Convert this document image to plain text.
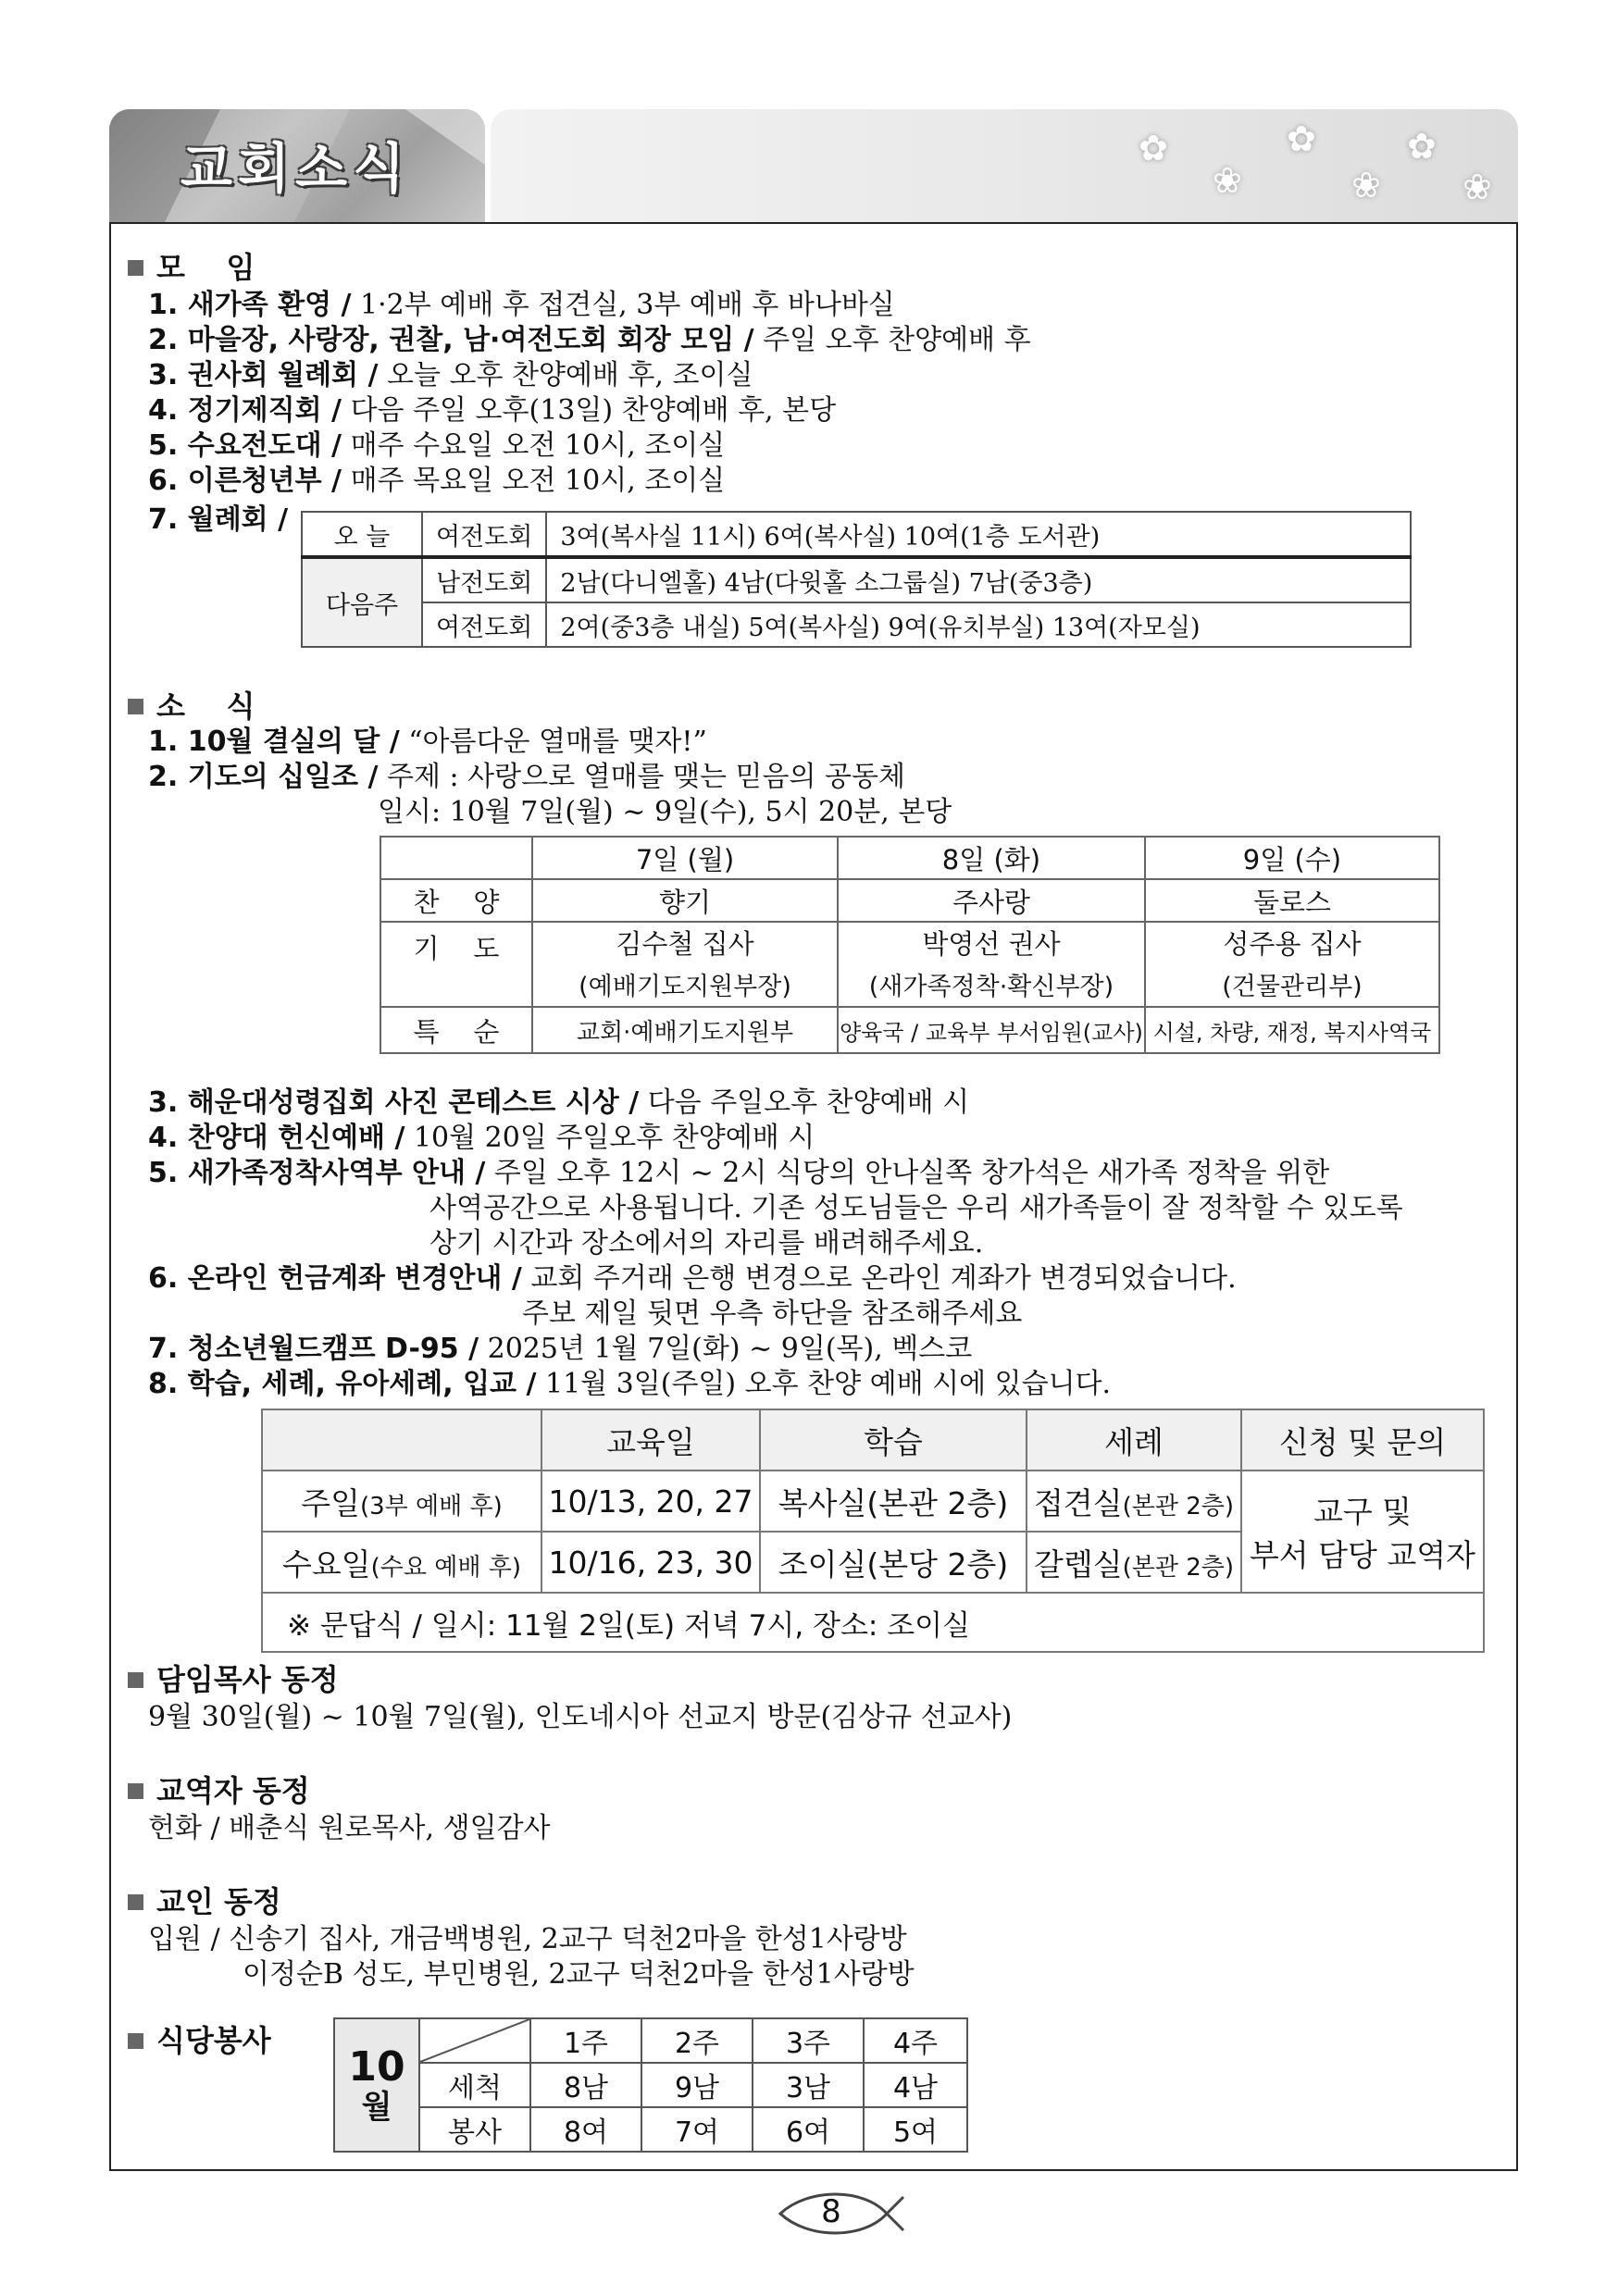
교회소식	✿
❀
✿
❀
✿
❀
모    임
1. 새가족 환영 / 1·2부 예배 후 접견실, 3부 예배 후 바나바실
2. 마을장, 사랑장, 권찰, 남·여전도회 회장 모임 / 주일 오후 찬양예배 후
3. 권사회 월례회 / 오늘 오후 찬양예배 후, 조이실
4. 정기제직회 / 다음 주일 오후(13일) 찬양예배 후, 본당
5. 수요전도대 / 매주 수요일 오전 10시, 조이실
6. 이른청년부 / 매주 목요일 오전 10시, 조이실
7. 월례회 /
오 늘	여전도회	3여(복사실 11시) 6여(복사실) 10여(1층 도서관)
다음주	남전도회	2남(다니엘홀) 4남(다윗홀 소그룹실) 7남(중3층)
	여전도회	2여(중3층 내실) 5여(복사실) 9여(유치부실) 13여(자모실)
소    식
1. 10월 결실의 달 / “아름다운 열매를 맺자!”
2. 기도의 십일조 / 주제 : 사랑으로 열매를 맺는 믿음의 공동체
일시: 10월 7일(월) ~ 9일(수), 5시 20분, 본당
	7일 (월)	8일 (화)	9일 (수)
찬    양	향기	주사랑	둘로스
기    도	김수철 집사	박영선 권사	성주용 집사
	(예배기도지원부장)	(새가족정착·확신부장)	(건물관리부)
특    순	교회·예배기도지원부	양육국 / 교육부 부서임원(교사)	시설, 차량, 재정, 복지사역국
3. 해운대성령집회 사진 콘테스트 시상 / 다음 주일오후 찬양예배 시
4. 찬양대 헌신예배 / 10월 20일 주일오후 찬양예배 시
5. 새가족정착사역부 안내 / 주일 오후 12시 ~ 2시 식당의 안나실쪽 창가석은 새가족 정착을 위한
사역공간으로 사용됩니다. 기존 성도님들은 우리 새가족들이 잘 정착할 수 있도록
상기 시간과 장소에서의 자리를 배려해주세요.
6. 온라인 헌금계좌 변경안내 / 교회 주거래 은행 변경으로 온라인 계좌가 변경되었습니다.
주보 제일 뒷면 우측 하단을 참조해주세요
7. 청소년월드캠프 D-95 / 2025년 1월 7일(화) ~ 9일(목), 벡스코
8. 학습, 세례, 유아세례, 입교 / 11월 3일(주일) 오후 찬양 예배 시에 있습니다.
	교육일	학습	세례	신청 및 문의
주일(3부 예배 후)	10/13, 20, 27	복사실(본관 2층)	접견실(본관 2층)	교구 및
부서 담당 교역자

수요일(수요 예배 후)	10/16, 23, 30	조이실(본당 2층)	갈렙실(본관 2층)	
※ 문답식 / 일시: 11월 2일(토) 저녁 7시, 장소: 조이실				
담임목사 동정
9월 30일(월) ~ 10월 7일(월), 인도네시아 선교지 방문(김상규 선교사)
교역자 동정
헌화 / 배춘식 원로목사, 생일감사
교인 동정
입원 / 신송기 집사, 개금백병원, 2교구 덕천2마을 한성1사랑방
이정순B 성도, 부민병원, 2교구 덕천2마을 한성1사랑방
식당봉사
10
월		1주	2주	3주	4주
	세척	8남	9남	3남	4남
	봉사	8여	7여	6여	5여
8
